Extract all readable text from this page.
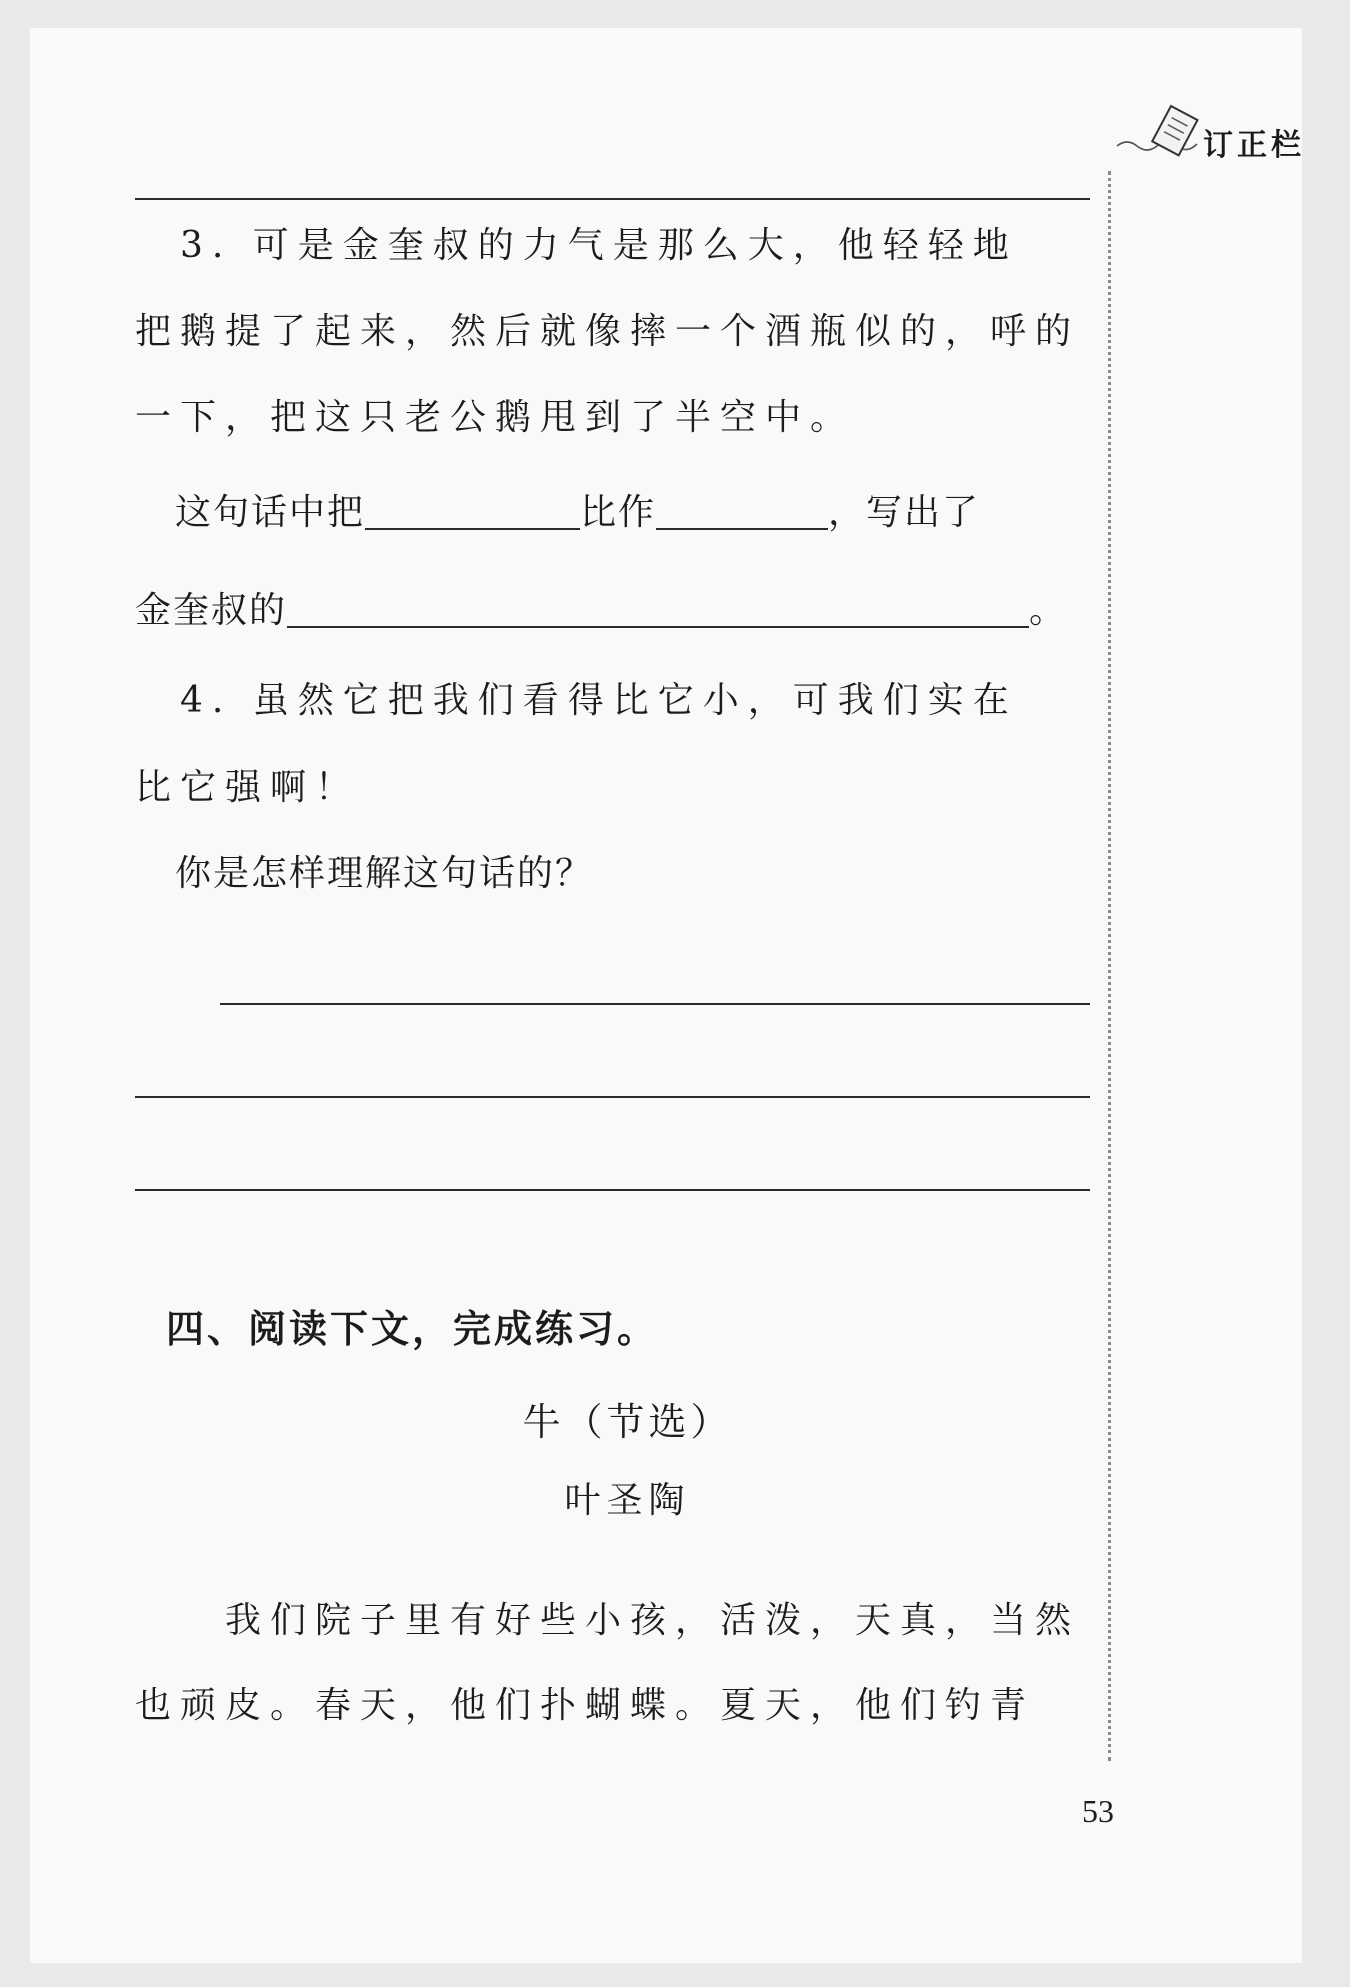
订正栏
3. 可是金奎叔的力气是那么大，他轻轻地
把鹅提了起来，然后就像摔一个酒瓶似的，呼的
一下，把这只老公鹅甩到了半空中。
这句话中把	比作	，写出了
金奎叔的	。
4. 虽然它把我们看得比它小，可我们实在
比它强啊！
你是怎样理解这句话的？
四、阅读下文，完成练习。
牛（节选）
叶圣陶
我们院子里有好些小孩，活泼，天真，当然
也顽皮。春天，他们扑蝴蝶。夏天，他们钓青
53
